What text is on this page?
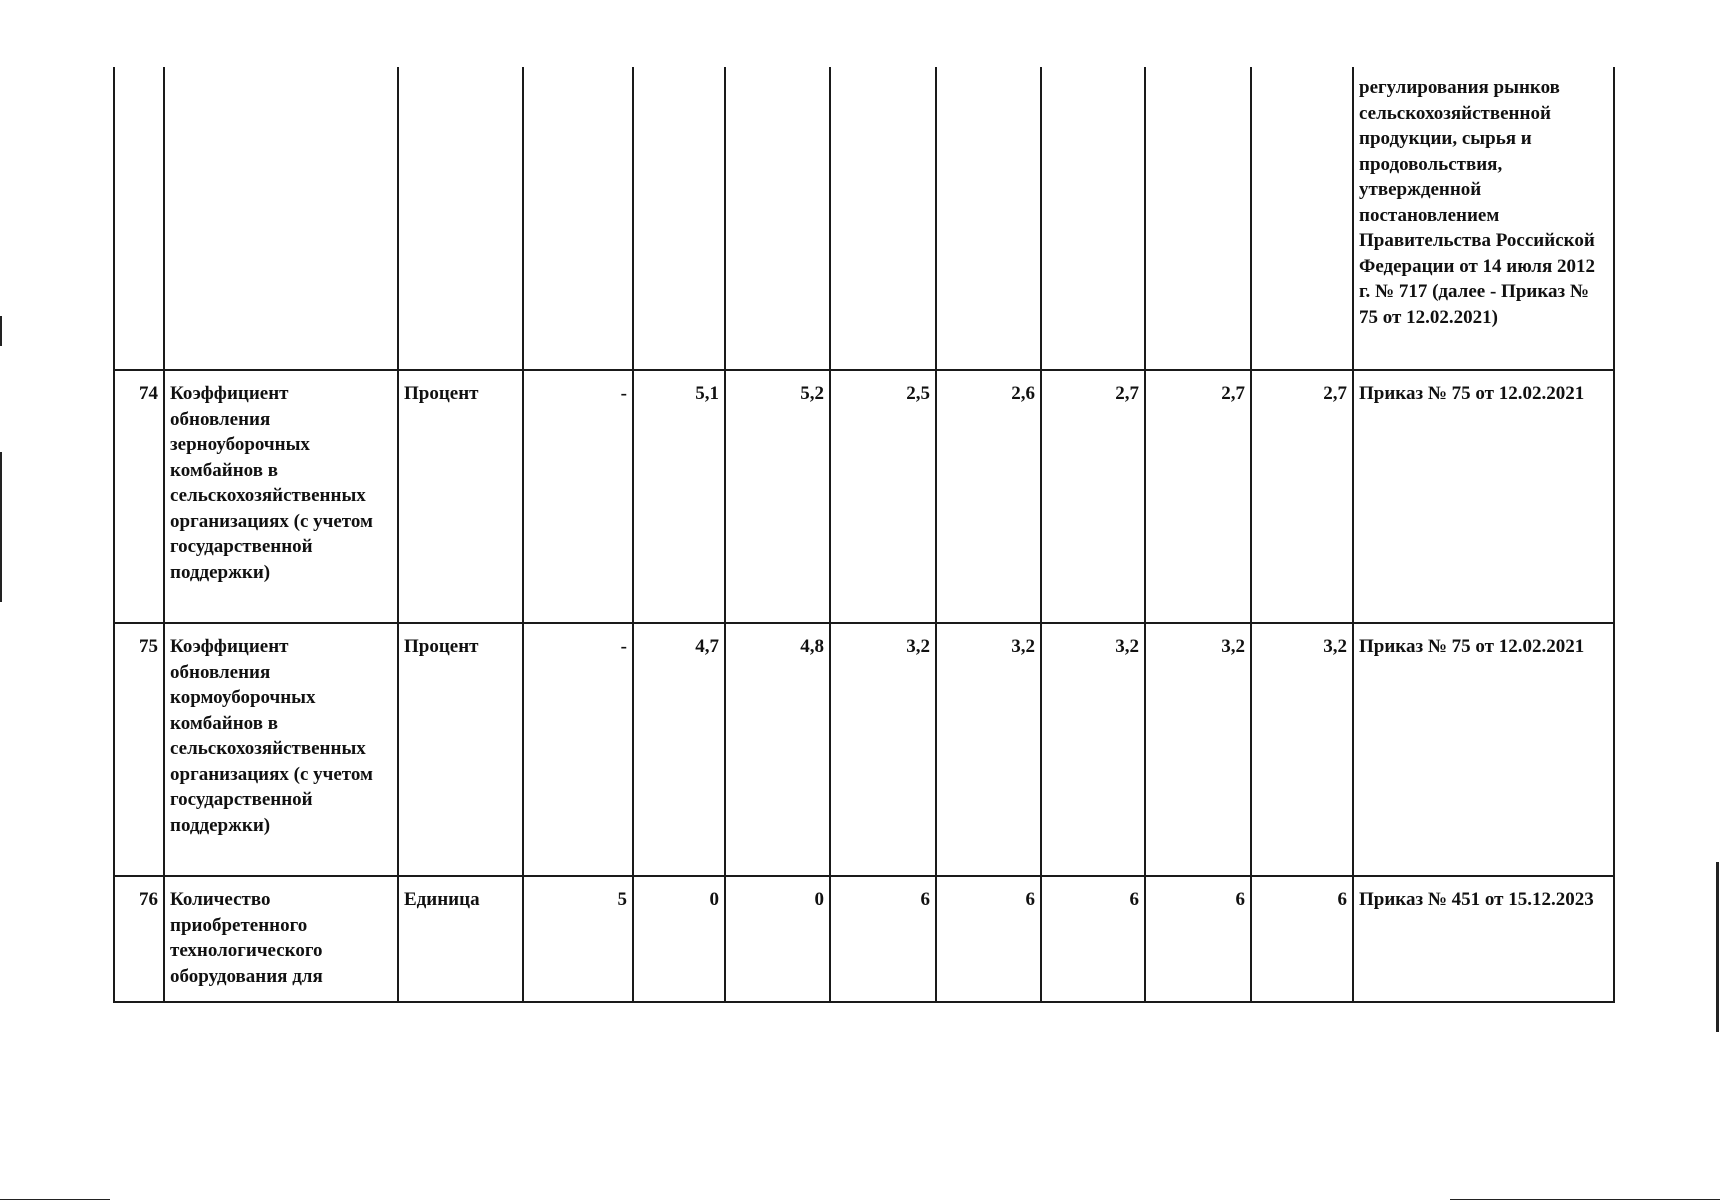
											регулирования рынков сельскохозяйственной продукции, сырья и продовольствия, утвержденной постановлением Правительства Российской Федерации от 14 июля 2012 г. № 717 (далее - Приказ № 75 от 12.02.2021)
74	Коэффициент обновления зерноуборочных комбайнов в сельскохозяйственных организациях (с учетом государственной поддержки)	Процент	-	5,1	5,2	2,5	2,6	2,7	2,7	2,7	Приказ № 75 от 12.02.2021
75	Коэффициент обновления кормоуборочных комбайнов в сельскохозяйственных организациях (с учетом государственной поддержки)	Процент	-	4,7	4,8	3,2	3,2	3,2	3,2	3,2	Приказ № 75 от 12.02.2021
76	Количество приобретенного технологического оборудования для	Единица	5	0	0	6	6	6	6	6	Приказ № 451 от 15.12.2023
